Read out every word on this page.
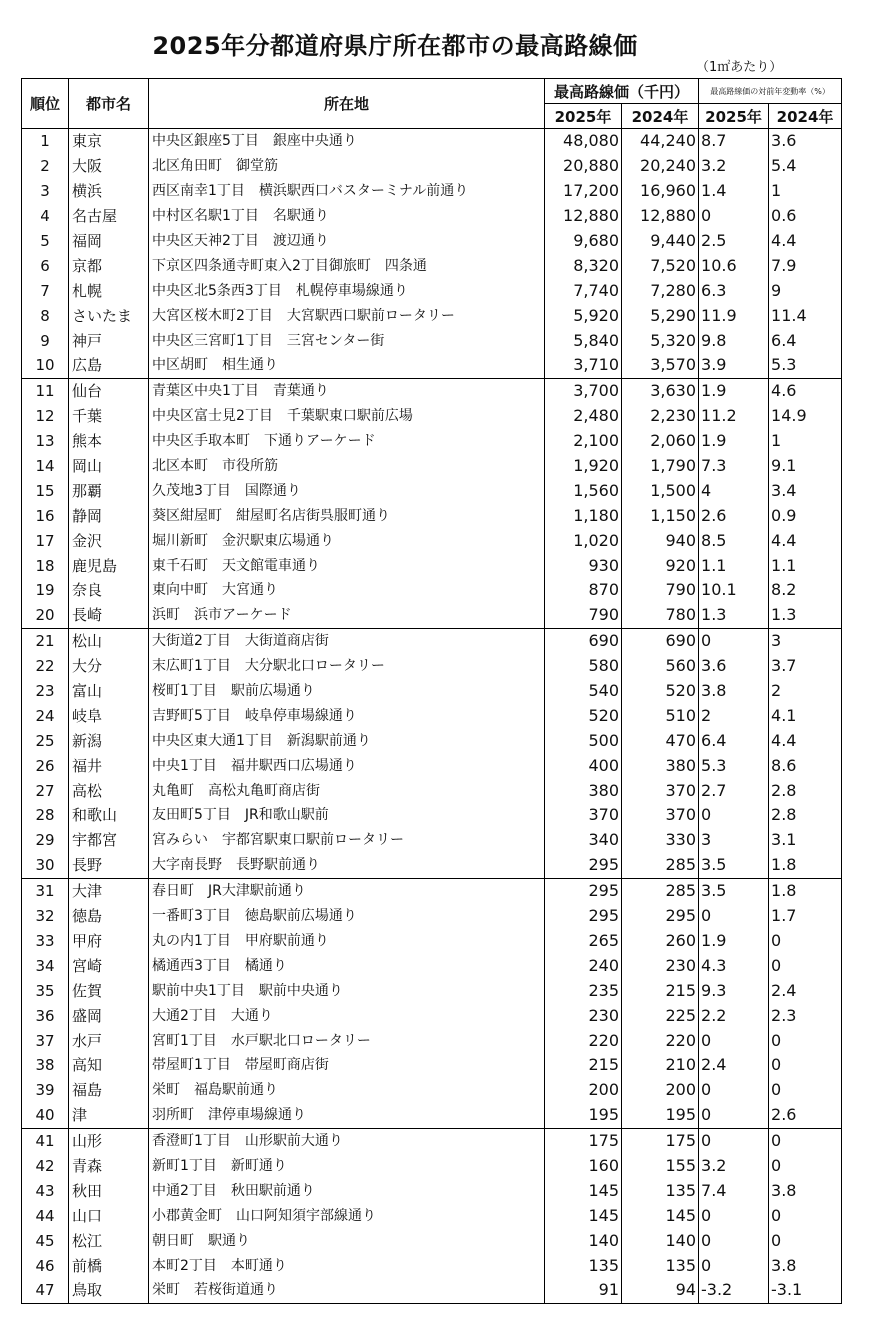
2025年分都道府県庁所在都市の最高路線価
（1㎡あたり）
順位	都市名	所在地	最高路線価（千円）		最高路線価の対前年変動率（%）	
			2025年	2024年	2025年	2024年
1	東京	中央区銀座5丁目　銀座中央通り	48,080	44,240	8.7	3.6
2	大阪	北区角田町　御堂筋	20,880	20,240	3.2	5.4
3	横浜	西区南幸1丁目　横浜駅西口バスターミナル前通り	17,200	16,960	1.4	1
4	名古屋	中村区名駅1丁目　名駅通り	12,880	12,880	0	0.6
5	福岡	中央区天神2丁目　渡辺通り	9,680	9,440	2.5	4.4
6	京都	下京区四条通寺町東入2丁目御旅町　四条通	8,320	7,520	10.6	7.9
7	札幌	中央区北5条西3丁目　札幌停車場線通り	7,740	7,280	6.3	9
8	さいたま	大宮区桜木町2丁目　大宮駅西口駅前ロータリー	5,920	5,290	11.9	11.4
9	神戸	中央区三宮町1丁目　三宮センター街	5,840	5,320	9.8	6.4
10	広島	中区胡町　相生通り	3,710	3,570	3.9	5.3
11	仙台	青葉区中央1丁目　青葉通り	3,700	3,630	1.9	4.6
12	千葉	中央区富士見2丁目　千葉駅東口駅前広場	2,480	2,230	11.2	14.9
13	熊本	中央区手取本町　下通りアーケード	2,100	2,060	1.9	1
14	岡山	北区本町　市役所筋	1,920	1,790	7.3	9.1
15	那覇	久茂地3丁目　国際通り	1,560	1,500	4	3.4
16	静岡	葵区紺屋町　紺屋町名店街呉服町通り	1,180	1,150	2.6	0.9
17	金沢	堀川新町　金沢駅東広場通り	1,020	940	8.5	4.4
18	鹿児島	東千石町　天文館電車通り	930	920	1.1	1.1
19	奈良	東向中町　大宮通り	870	790	10.1	8.2
20	長崎	浜町　浜市アーケード	790	780	1.3	1.3
21	松山	大街道2丁目　大街道商店街	690	690	0	3
22	大分	末広町1丁目　大分駅北口ロータリー	580	560	3.6	3.7
23	富山	桜町1丁目　駅前広場通り	540	520	3.8	2
24	岐阜	吉野町5丁目　岐阜停車場線通り	520	510	2	4.1
25	新潟	中央区東大通1丁目　新潟駅前通り	500	470	6.4	4.4
26	福井	中央1丁目　福井駅西口広場通り	400	380	5.3	8.6
27	高松	丸亀町　高松丸亀町商店街	380	370	2.7	2.8
28	和歌山	友田町5丁目　JR和歌山駅前	370	370	0	2.8
29	宇都宮	宮みらい　宇都宮駅東口駅前ロータリー	340	330	3	3.1
30	長野	大字南長野　長野駅前通り	295	285	3.5	1.8
31	大津	春日町　JR大津駅前通り	295	285	3.5	1.8
32	徳島	一番町3丁目　徳島駅前広場通り	295	295	0	1.7
33	甲府	丸の内1丁目　甲府駅前通り	265	260	1.9	0
34	宮崎	橘通西3丁目　橘通り	240	230	4.3	0
35	佐賀	駅前中央1丁目　駅前中央通り	235	215	9.3	2.4
36	盛岡	大通2丁目　大通り	230	225	2.2	2.3
37	水戸	宮町1丁目　水戸駅北口ロータリー	220	220	0	0
38	高知	帯屋町1丁目　帯屋町商店街	215	210	2.4	0
39	福島	栄町　福島駅前通り	200	200	0	0
40	津	羽所町　津停車場線通り	195	195	0	2.6
41	山形	香澄町1丁目　山形駅前大通り	175	175	0	0
42	青森	新町1丁目　新町通り	160	155	3.2	0
43	秋田	中通2丁目　秋田駅前通り	145	135	7.4	3.8
44	山口	小郡黄金町　山口阿知須宇部線通り	145	145	0	0
45	松江	朝日町　駅通り	140	140	0	0
46	前橋	本町2丁目　本町通り	135	135	0	3.8
47	鳥取	栄町　若桜街道通り	91	94	-3.2	-3.1
